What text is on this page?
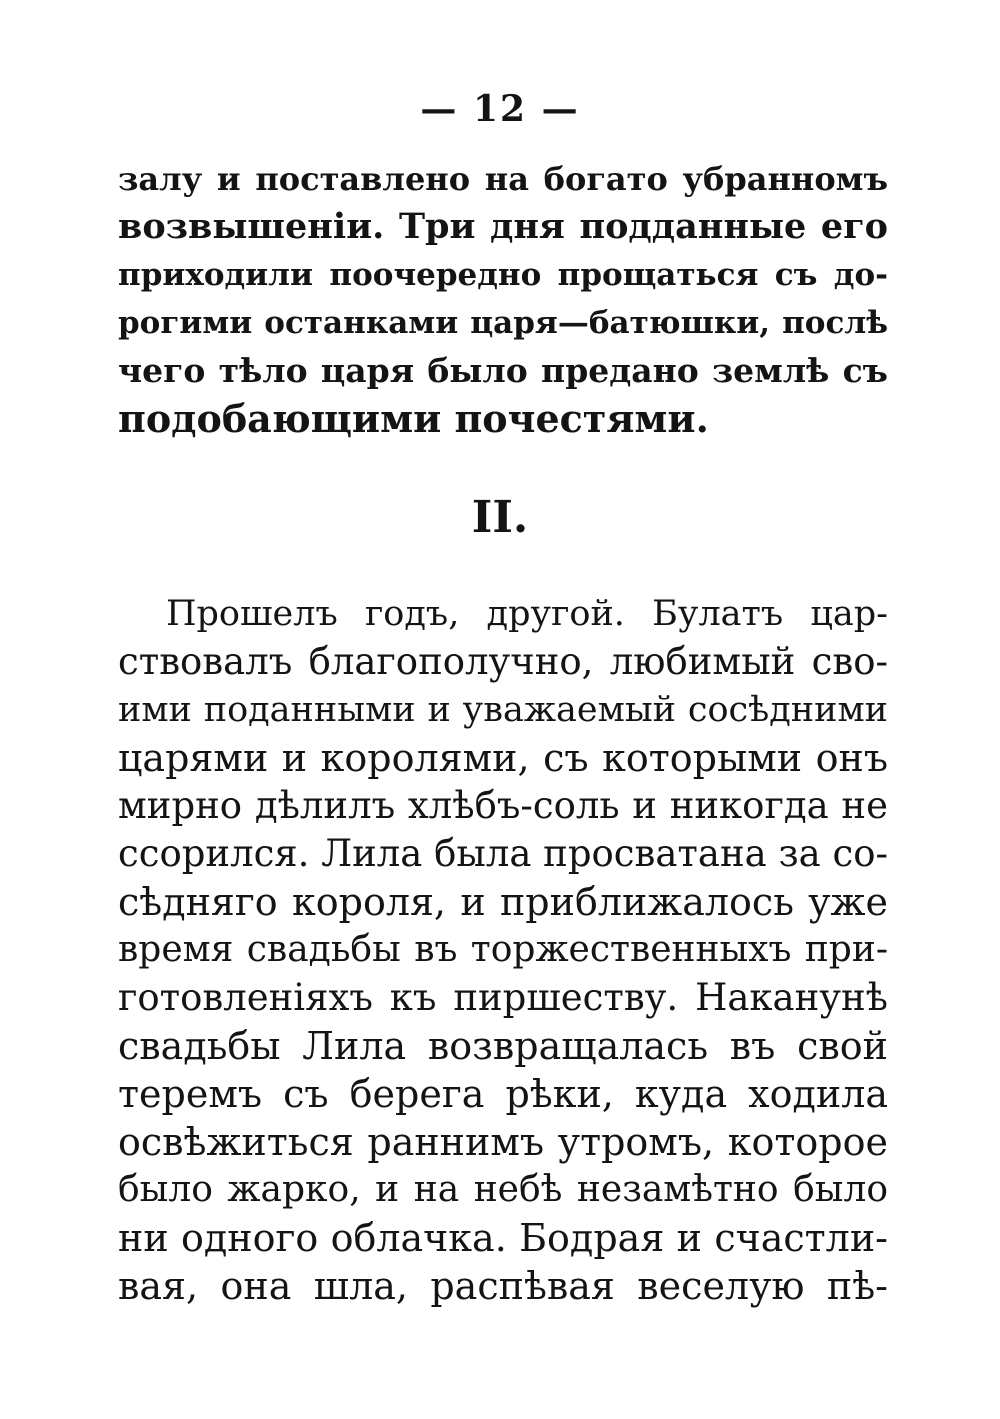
— 12 —
залу и поставлено на богато убранномъ
возвышенiи. Три дня подданные его
приходили поочередно прощаться съ до-
рогими останками царя—батюшки, послѣ
чего тѣло царя было предано землѣ съ
подобающими почестями.
II.
Прошелъ годъ, другой. Булатъ цар-
ствовалъ благополучно, любимый сво-
ими поданными и уважаемый сосѣдними
царями и королями, съ которыми онъ
мирно дѣлилъ хлѣбъ-соль и никогда не
ссорился. Лила была просватана за со-
сѣдняго короля, и приближалось уже
время свадьбы въ торжественныхъ при-
готовленiяхъ къ пиршеству. Наканунѣ
свадьбы Лила возвращалась въ свой
теремъ съ берега рѣки, куда ходила
освѣжиться раннимъ утромъ, которое
было жарко, и на небѣ незамѣтно было
ни одного облачка. Бодрая и счастли-
вая, она шла, распѣвая веселую пѣ-
